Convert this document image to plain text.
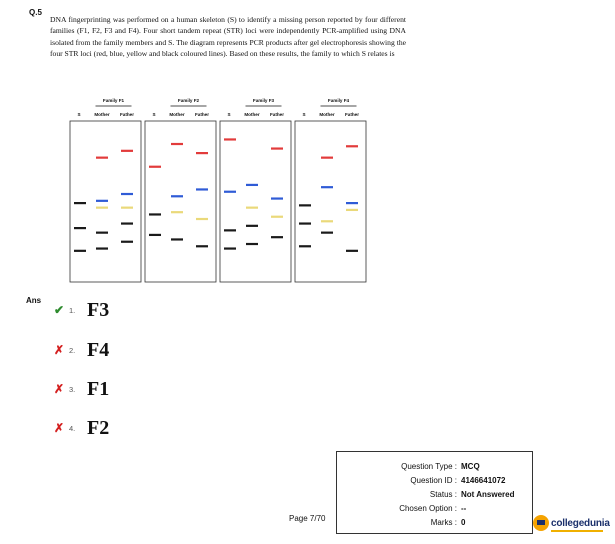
Q.5
DNA fingerprinting was performed on a human skeleton (S) to identify a missing person reported by four different families (F1, F2, F3 and F4). Four short tandem repeat (STR) loci were independently PCR-amplified using DNA isolated from the family members and S. The diagram represents PCR products after gel electrophoresis showing the four STR loci (red, blue, yellow and black coloured lines). Based on these results, the family to which S relates is
Family F1
S	Mother Father
Family F2
S	Mother Father
Family F3
S	Mother Father
Family F4
S	Mother Father
Ans
✔ 1. F3
✗ 2. F4
✗ 3. F1
✗ 4. F2
Question Type : MCQ
Question ID : 4146641072
Status : Not Answered
Chosen Option : --
Marks : 0
Page 7/70	collegedunia
